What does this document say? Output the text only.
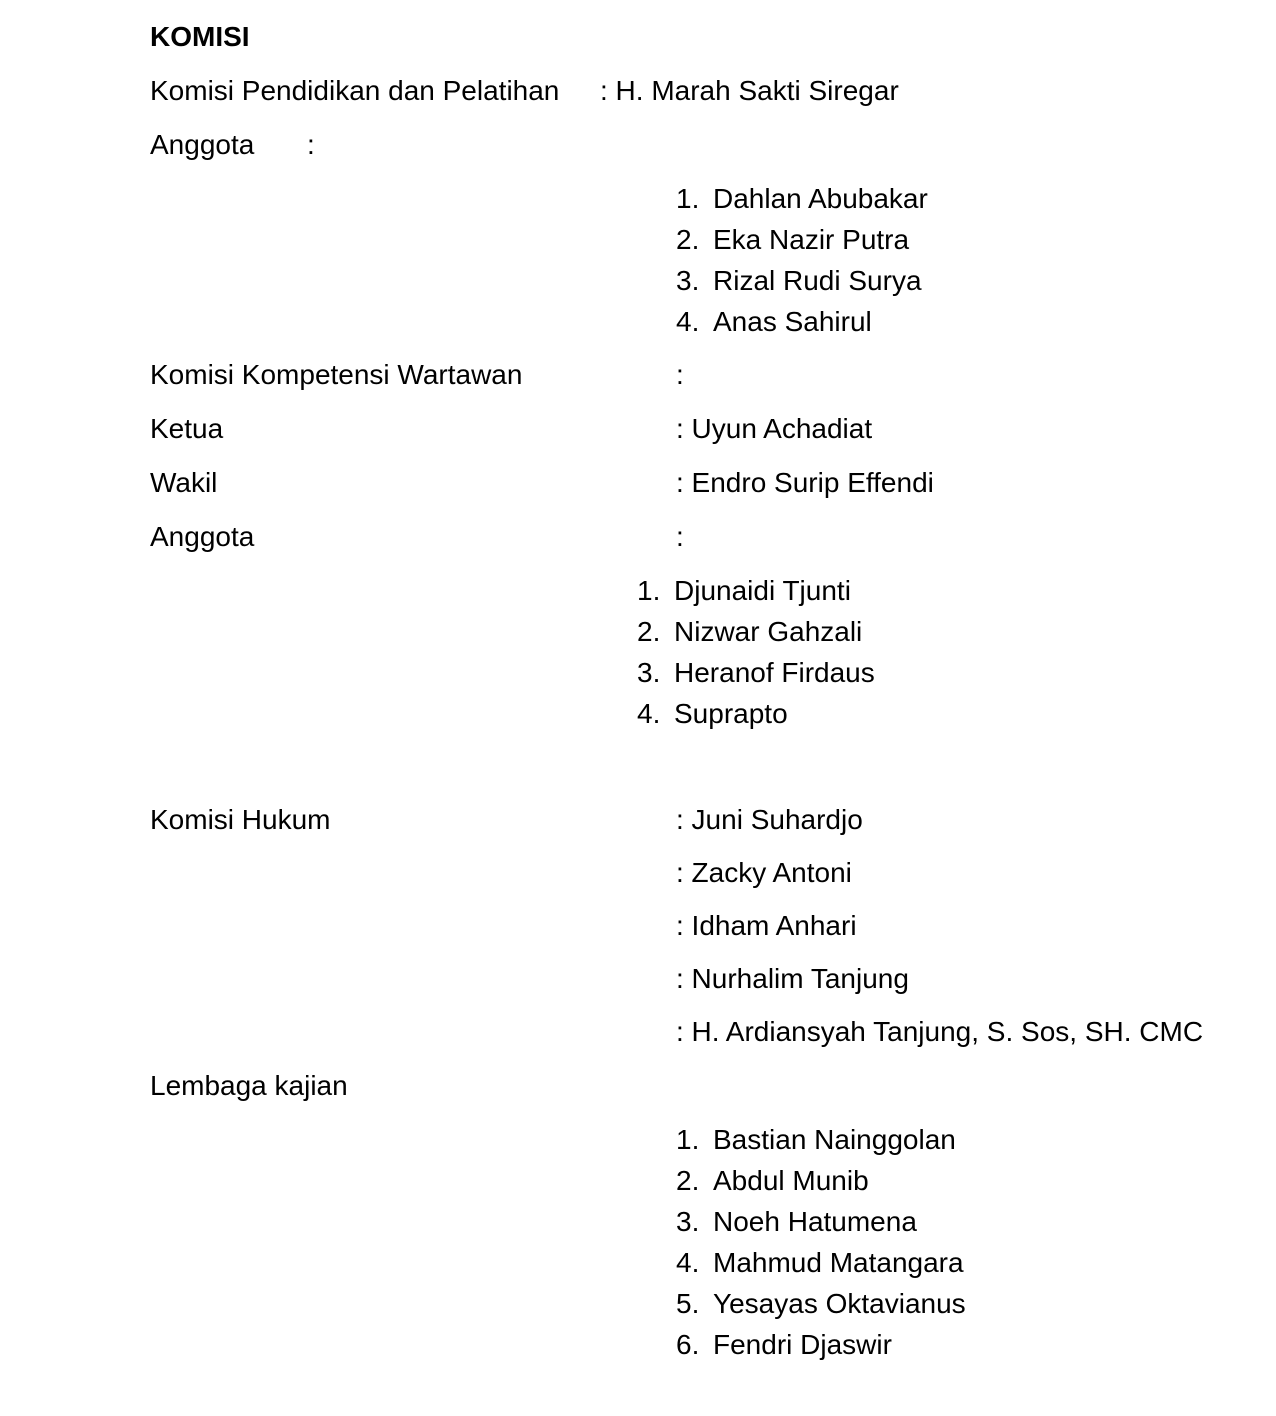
KOMISI
Komisi Pendidikan dan Pelatihan : H. Marah Sakti Siregar
Anggota :
1. Dahlan Abubakar
2. Eka Nazir Putra
3. Rizal Rudi Surya
4. Anas Sahirul
Komisi Kompetensi Wartawan	:
Ketua	: Uyun Achadiat
Wakil	: Endro Surip Effendi
Anggota	:
1. Djunaidi Tjunti
2. Nizwar Gahzali
3. Heranof Firdaus
4. Suprapto
Komisi Hukum	: Juni Suhardjo
: Zacky Antoni
: Idham Anhari
: Nurhalim Tanjung
: H. Ardiansyah Tanjung, S. Sos, SH. CMC
Lembaga kajian
1. Bastian Nainggolan
2. Abdul Munib
3. Noeh Hatumena
4. Mahmud Matangara
5. Yesayas Oktavianus
6. Fendri Djaswir
